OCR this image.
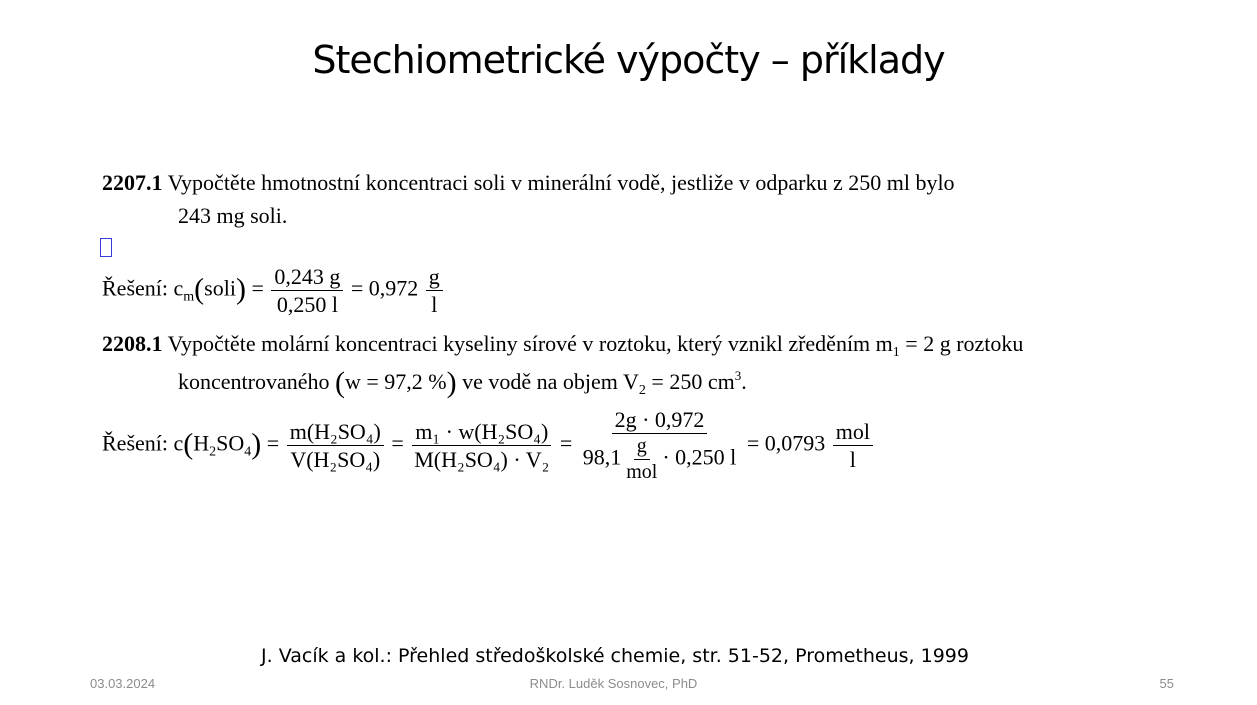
Stechiometrické výpočty – příklady
2207.1 Vypočtěte hmotnostní koncentraci soli v minerální vodě, jestliže v odparku z 250 ml bylo
243 mg soli.
Řešení: $c_m(soli) = \frac{0,243 g}{0,250 l} = 0,972 \frac{g}{l}$
2208.1 Vypočtěte molární koncentraci kyseliny sírové v roztoku, který vznikl zředěním $m_1 = 2$ g roztoku
koncentrovaného (w = 97,2 %) ve vodě na objem $V_2 = 250$ $cm^3$.
Řešení: $c(H_2SO_4) = \frac{\text{m(H₂SO₄)}}{\text{V(H₂SO₄)}} = \frac{\text{m₁ · w(H₂SO₄)}}{\text{M(H₂SO₄) · V₂}} = \frac{2g \cdot 0,972}{98,1 \frac{g}{\text{mol}} \cdot 0,250 l} = 0,0793 \frac{\text{mol}}{l}$
J. Vacík a kol.: Přehled středoškolské chemie, str. 51-52, Prometheus, 1999
03.03.2024	RNDr. Luděk Sosnovec, PhD	55
